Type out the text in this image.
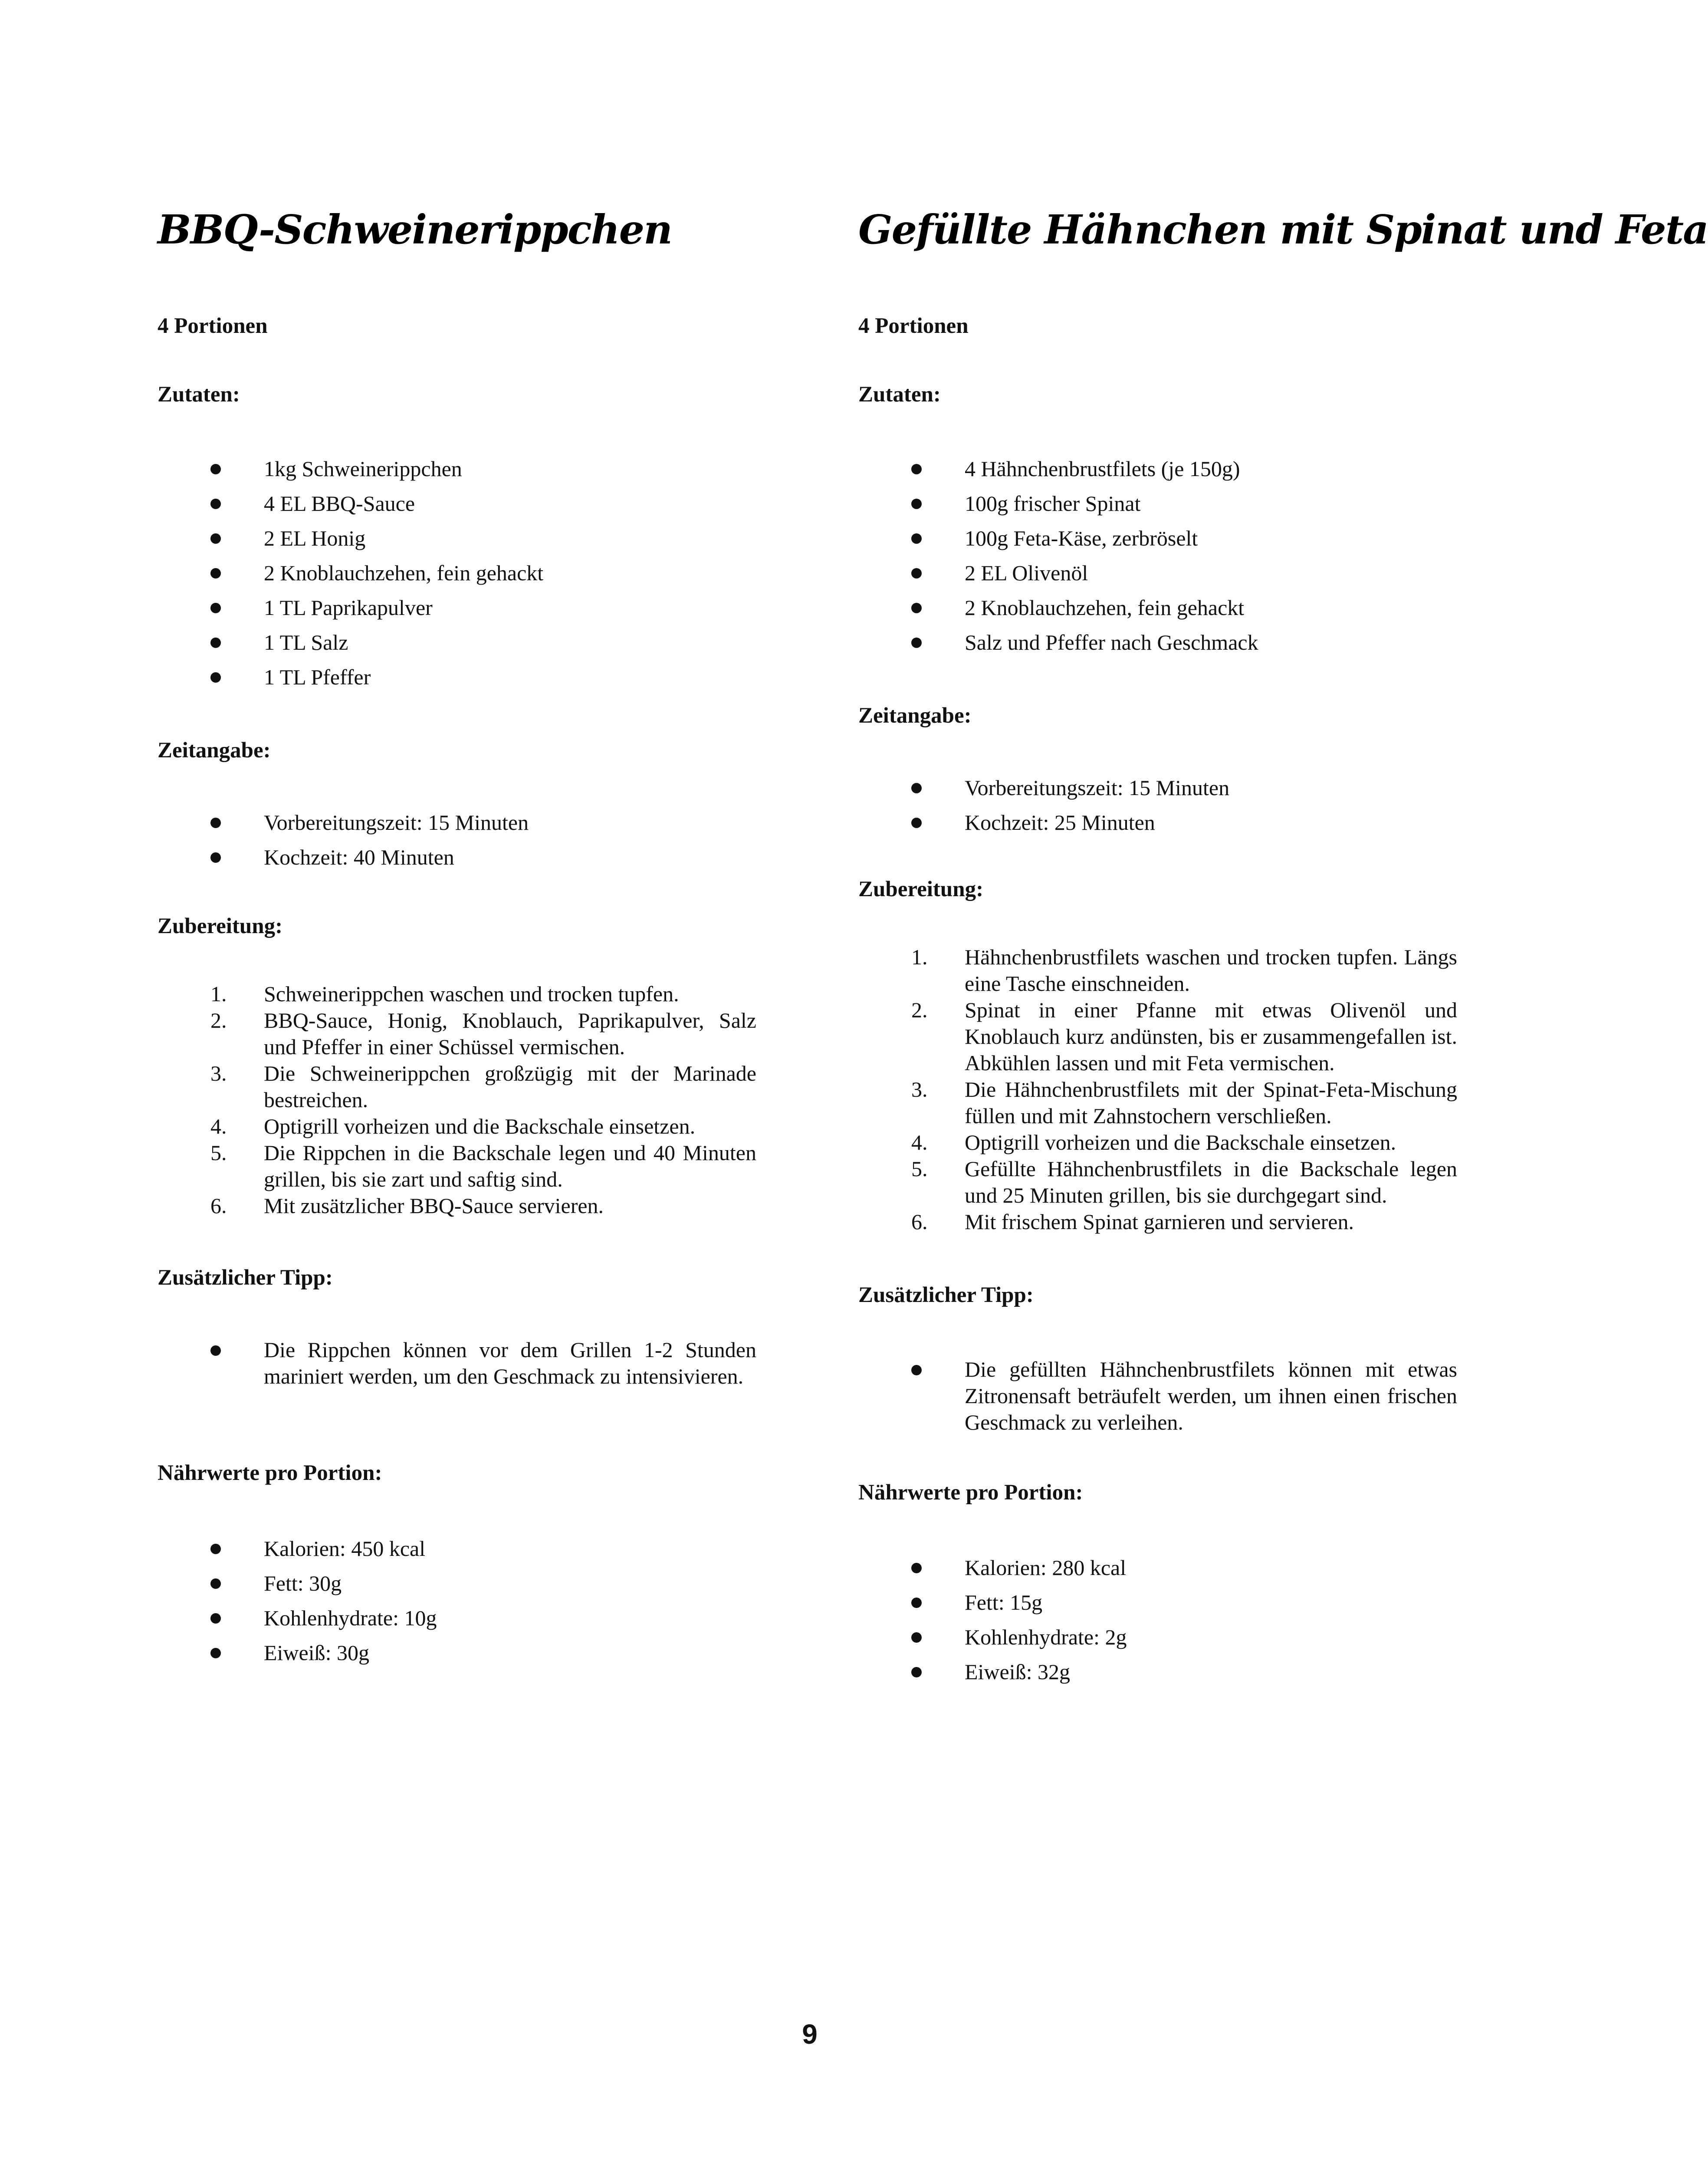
BBQ-Schweinerippchen
4 Portionen
Zutaten:
1kg Schweinerippchen
4 EL BBQ-Sauce
2 EL Honig
2 Knoblauchzehen, fein gehackt
1 TL Paprikapulver
1 TL Salz
1 TL Pfeffer
Zeitangabe:
Vorbereitungszeit: 15 Minuten
Kochzeit: 40 Minuten
Zubereitung:
1. Schweinerippchen waschen und trocken tupfen.
2. BBQ-Sauce, Honig, Knoblauch, Paprikapulver, Salz und Pfeffer in einer Schüssel vermischen.
3. Die Schweinerippchen großzügig mit der Marinade bestreichen.
4. Optigrill vorheizen und die Backschale einsetzen.
5. Die Rippchen in die Backschale legen und 40 Minuten grillen, bis sie zart und saftig sind.
6. Mit zusätzlicher BBQ-Sauce servieren.
Zusätzlicher Tipp:
Die Rippchen können vor dem Grillen 1-2 Stunden mariniert werden, um den Geschmack zu intensivieren.
Nährwerte pro Portion:
Kalorien: 450 kcal
Fett: 30g
Kohlenhydrate: 10g
Eiweiß: 30g
Gefüllte Hähnchen mit Spinat und Feta
4 Portionen
Zutaten:
4 Hähnchenbrustfilets (je 150g)
100g frischer Spinat
100g Feta-Käse, zerbröselt
2 EL Olivenöl
2 Knoblauchzehen, fein gehackt
Salz und Pfeffer nach Geschmack
Zeitangabe:
Vorbereitungszeit: 15 Minuten
Kochzeit: 25 Minuten
Zubereitung:
1. Hähnchenbrustfilets waschen und trocken tupfen. Längs eine Tasche einschneiden.
2. Spinat in einer Pfanne mit etwas Olivenöl und Knoblauch kurz andünsten, bis er zusammengefallen ist. Abkühlen lassen und mit Feta vermischen.
3. Die Hähnchenbrustfilets mit der Spinat-Feta-Mischung füllen und mit Zahnstochern verschließen.
4. Optigrill vorheizen und die Backschale einsetzen.
5. Gefüllte Hähnchenbrustfilets in die Backschale legen und 25 Minuten grillen, bis sie durchgegart sind.
6. Mit frischem Spinat garnieren und servieren.
Zusätzlicher Tipp:
Die gefüllten Hähnchenbrustfilets können mit etwas Zitronensaft beträufelt werden, um ihnen einen frischen Geschmack zu verleihen.
Nährwerte pro Portion:
Kalorien: 280 kcal
Fett: 15g
Kohlenhydrate: 2g
Eiweiß: 32g
9
